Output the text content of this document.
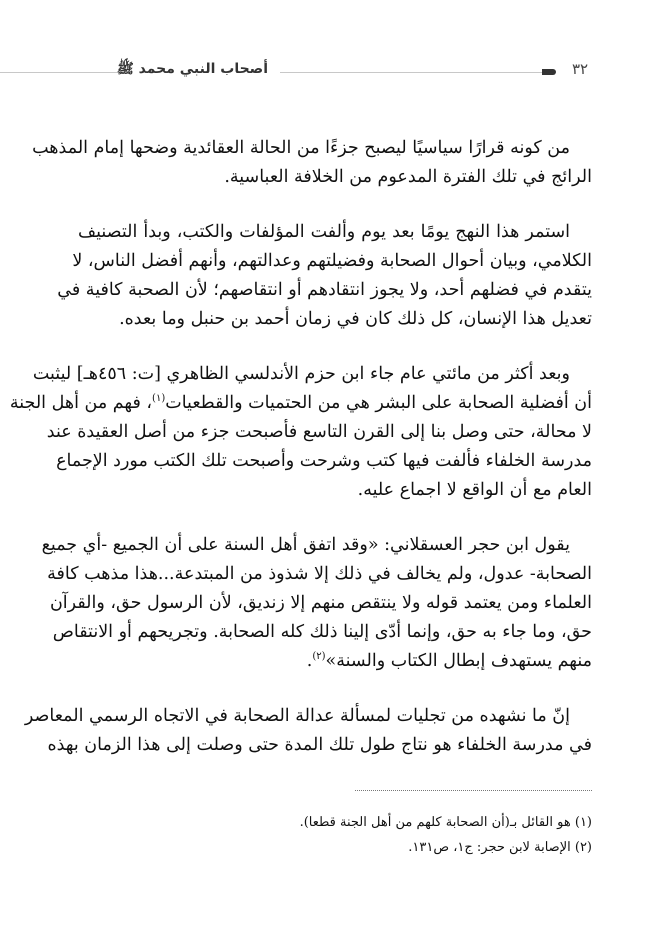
أصحاب النبي محمد ﷺ	٣٢
من كونه قرارًا سياسيًا ليصبح جزءًا من الحالة العقائدية وضحها إمام المذهب
الرائج في تلك الفترة المدعوم من الخلافة العباسية.
استمر هذا النهج يومًا بعد يوم وألفت المؤلفات والكتب، وبدأ التصنيف
الكلامي، وبيان أحوال الصحابة وفضيلتهم وعدالتهم، وأنهم أفضل الناس، لا
يتقدم في فضلهم أحد، ولا يجوز انتقادهم أو انتقاصهم؛ لأن الصحبة كافية في
تعديل هذا الإنسان، كل ذلك كان في زمان أحمد بن حنبل وما بعده.
وبعد أكثر من مائتي عام جاء ابن حزم الأندلسي الظاهري [ت: ٤٥٦هـ] ليثبت
أن أفضلية الصحابة على البشر هي من الحتميات والقطعيات$^{(١)}$، فهم من أهل الجنة
لا محالة، حتى وصل بنا إلى القرن التاسع فأصبحت جزء من أصل العقيدة عند
مدرسة الخلفاء فألفت فيها كتب وشرحت وأصبحت تلك الكتب مورد الإجماع
العام مع أن الواقع لا اجماع عليه.
يقول ابن حجر العسقلاني: «وقد اتفق أهل السنة على أن الجميع -أي جميع
الصحابة- عدول، ولم يخالف في ذلك إلا شذوذ من المبتدعة...هذا مذهب كافة
العلماء ومن يعتمد قوله ولا ينتقص منهم إلا زنديق، لأن الرسول حق، والقرآن
حق، وما جاء به حق، وإنما أدّى إلينا ذلك كله الصحابة. وتجريحهم أو الانتقاص
منهم يستهدف إبطال الكتاب والسنة»$^{(٢)}$.
إنّ ما نشهده من تجليات لمسألة عدالة الصحابة في الاتجاه الرسمي المعاصر
في مدرسة الخلفاء هو نتاج طول تلك المدة حتى وصلت إلى هذا الزمان بهذه
(١) هو القائل بـ(أن الصحابة كلهم من أهل الجنة قطعا).
(٢) الإصابة لابن حجر: ج١، ص١٣١.
